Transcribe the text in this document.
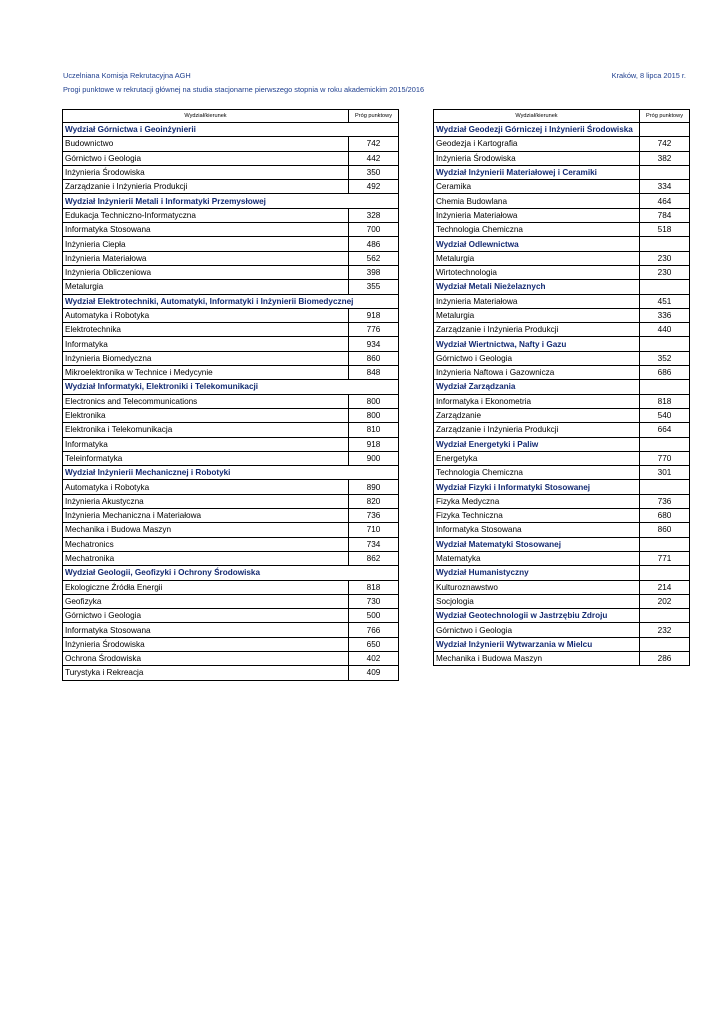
Uczelniana Komisja Rekrutacyjna AGH
Progi punktowe w rekrutacji głównej na studia stacjonarne pierwszego stopnia w roku akademickim 2015/2016
Kraków, 8 lipca 2015 r.
Wydział/kierunek	Próg punktowy
Wydział Górnictwa i Geoinżynierii	
Budownictwo	742
Górnictwo i Geologia	442
Inżynieria Środowiska	350
Zarządzanie i Inżynieria Produkcji	492
Wydział Inżynierii Metali i Informatyki Przemysłowej	
Edukacja Techniczno-Informatyczna	328
Informatyka Stosowana	700
Inżynieria Ciepła	486
Inżynieria Materiałowa	562
Inżynieria Obliczeniowa	398
Metalurgia	355
Wydział Elektrotechniki, Automatyki, Informatyki i Inżynierii Biomedycznej	
Automatyka i Robotyka	918
Elektrotechnika	776
Informatyka	934
Inżynieria Biomedyczna	860
Mikroelektronika w Technice i Medycynie	848
Wydział Informatyki, Elektroniki i Telekomunikacji	
Electronics and Telecommunications	800
Elektronika	800
Elektronika i Telekomunikacja	810
Informatyka	918
Teleinformatyka	900
Wydział Inżynierii Mechanicznej i Robotyki	
Automatyka i Robotyka	890
Inżynieria Akustyczna	820
Inżynieria Mechaniczna i Materiałowa	736
Mechanika i Budowa Maszyn	710
Mechatronics	734
Mechatronika	862
Wydział Geologii, Geofizyki i Ochrony Środowiska	
Ekologiczne Źródła Energii	818
Geofizyka	730
Górnictwo i Geologia	500
Informatyka Stosowana	766
Inżynieria Środowiska	650
Ochrona Środowiska	402
Turystyka i Rekreacja	409
Wydział/kierunek	Próg punktowy
Wydział Geodezji Górniczej i Inżynierii Środowiska	
Geodezja i Kartografia	742
Inżynieria Środowiska	382
Wydział Inżynierii Materiałowej i Ceramiki	
Ceramika	334
Chemia Budowlana	464
Inżynieria Materiałowa	784
Technologia Chemiczna	518
Wydział Odlewnictwa	
Metalurgia	230
Wirtotechnologia	230
Wydział Metali Nieżelaznych	
Inżynieria Materiałowa	451
Metalurgia	336
Zarządzanie i Inżynieria Produkcji	440
Wydział Wiertnictwa, Nafty i Gazu	
Górnictwo i Geologia	352
Inżynieria Naftowa i Gazownicza	686
Wydział Zarządzania	
Informatyka i Ekonometria	818
Zarządzanie	540
Zarządzanie i Inżynieria Produkcji	664
Wydział Energetyki i Paliw	
Energetyka	770
Technologia Chemiczna	301
Wydział Fizyki i Informatyki Stosowanej	
Fizyka Medyczna	736
Fizyka Techniczna	680
Informatyka Stosowana	860
Wydział Matematyki Stosowanej	
Matematyka	771
Wydział Humanistyczny	
Kulturoznawstwo	214
Socjologia	202
Wydział Geotechnologii w Jastrzębiu Zdroju	
Górnictwo i Geologia	232
Wydział Inżynierii Wytwarzania w Mielcu	
Mechanika i Budowa Maszyn	286
